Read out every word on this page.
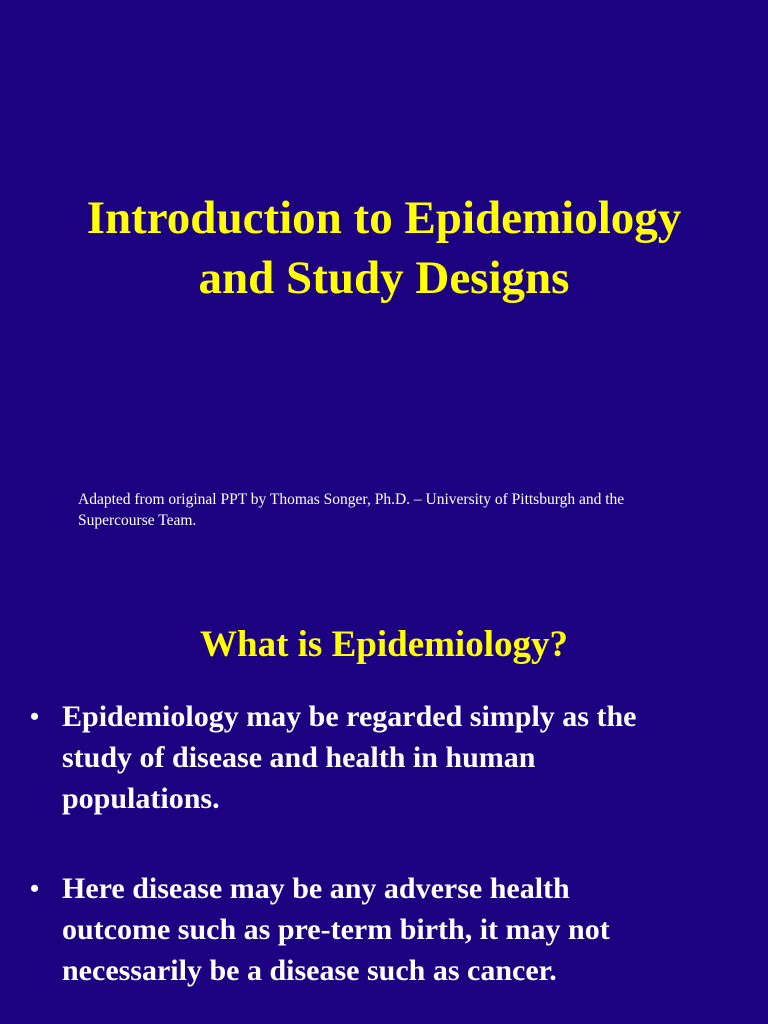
Introduction to Epidemiology
and Study Designs

Adapted from original PPT by Thomas Songer, Ph.D. – University of Pittsburgh and the
Supercourse Team.

What is Epidemiology?
• Epidemiology may be regarded simply as the
study of disease and health in human
populations.
• Here disease may be any adverse health
outcome such as pre-term birth, it may not
necessarily be a disease such as cancer.
